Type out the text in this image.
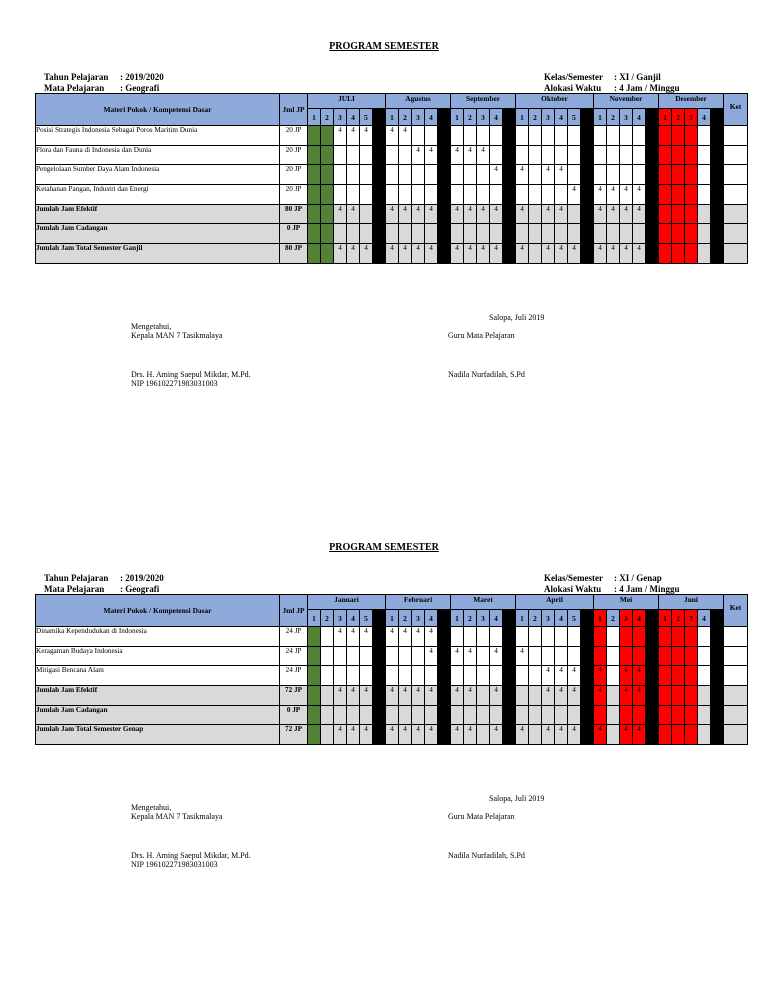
PROGRAM SEMESTER

Tahun Pelajaran : 2019/2020

Mata Pelajaran : Geografi

Kelas/Semester : XI / Ganjil

Alokasi Waktu : 4 Jam / Minggu

Materi Pokok / Kompetensi Dasar	Jml JP	JULI						Agustus					September					Oktober						November					Desember					Ket
		1	2	3	4	5		1	2	3	4		1	2	3	4		1	2	3	4	5		1	2	3	4		1	2	3	4		
Posisi Strategis Indonesia Sebagai Poros Maritim Dunia	20 JP			4	4	4		4	4																									
Flora dan Fauna di Indonesia dan Dunia	20 JP									4	4		4	4	4																			
Pengelolaan Sumber Daya Alam Indonesia	20 JP															4		4		4	4													
Ketahanan Pangan, Industri dan Energi	20 JP																					4		4	4	4	4							
Jumlah Jam Efektif	80 JP			4	4			4	4	4	4		4	4	4	4		4		4	4			4	4	4	4							
Jumlah Jam Cadangan	0 JP																																	
Jumlah Jam Total Semester Ganjil	80 JP			4	4	4		4	4	4	4		4	4	4	4		4		4	4	4		4	4	4	4							
Salopa, Juli 2019
Mengetahui,
Kepala MAN 7 Tasikmalaya	Guru Mata Pelajaran
Drs. H. Aming Saepul Mikdar, M.Pd.
NIP 196102271983031003
Nadila Nurfadilah, S.Pd
PROGRAM SEMESTER

Tahun Pelajaran : 2019/2020

Mata Pelajaran : Geografi

Kelas/Semester : XI / Genap

Alokasi Waktu : 4 Jam / Minggu

Materi Pokok / Kompetensi Dasar	Jml JP	Januari						Februari					Maret					April						Mei					Juni					Ket
		1	2	3	4	5		1	2	3	4		1	2	3	4		1	2	3	4	5		1	2	3	4		1	2	3	4		
Dinamika Kependudukan di Indonesia	24 JP			4	4	4		4	4	4	4																							
Keragaman Budaya Indonesia	24 JP										4		4	4		4		4																
Mitigasi Bencana Alam	24 JP																			4	4	4		4		4	4							
Jumlah Jam Efektif	72 JP			4	4	4		4	4	4	4		4	4		4				4	4	4		4		4	4							
Jumlah Jam Cadangan	0 JP																																	
Jumlah Jam Total Semester Genap	72 JP			4	4	4		4	4	4	4		4	4		4		4		4	4	4		4		4	4							
Salopa, Juli 2019
Mengetahui,
Kepala MAN 7 Tasikmalaya	Guru Mata Pelajaran
Drs. H. Aming Saepul Mikdar, M.Pd.
NIP 196102271983031003
Nadila Nurfadilah, S.Pd
